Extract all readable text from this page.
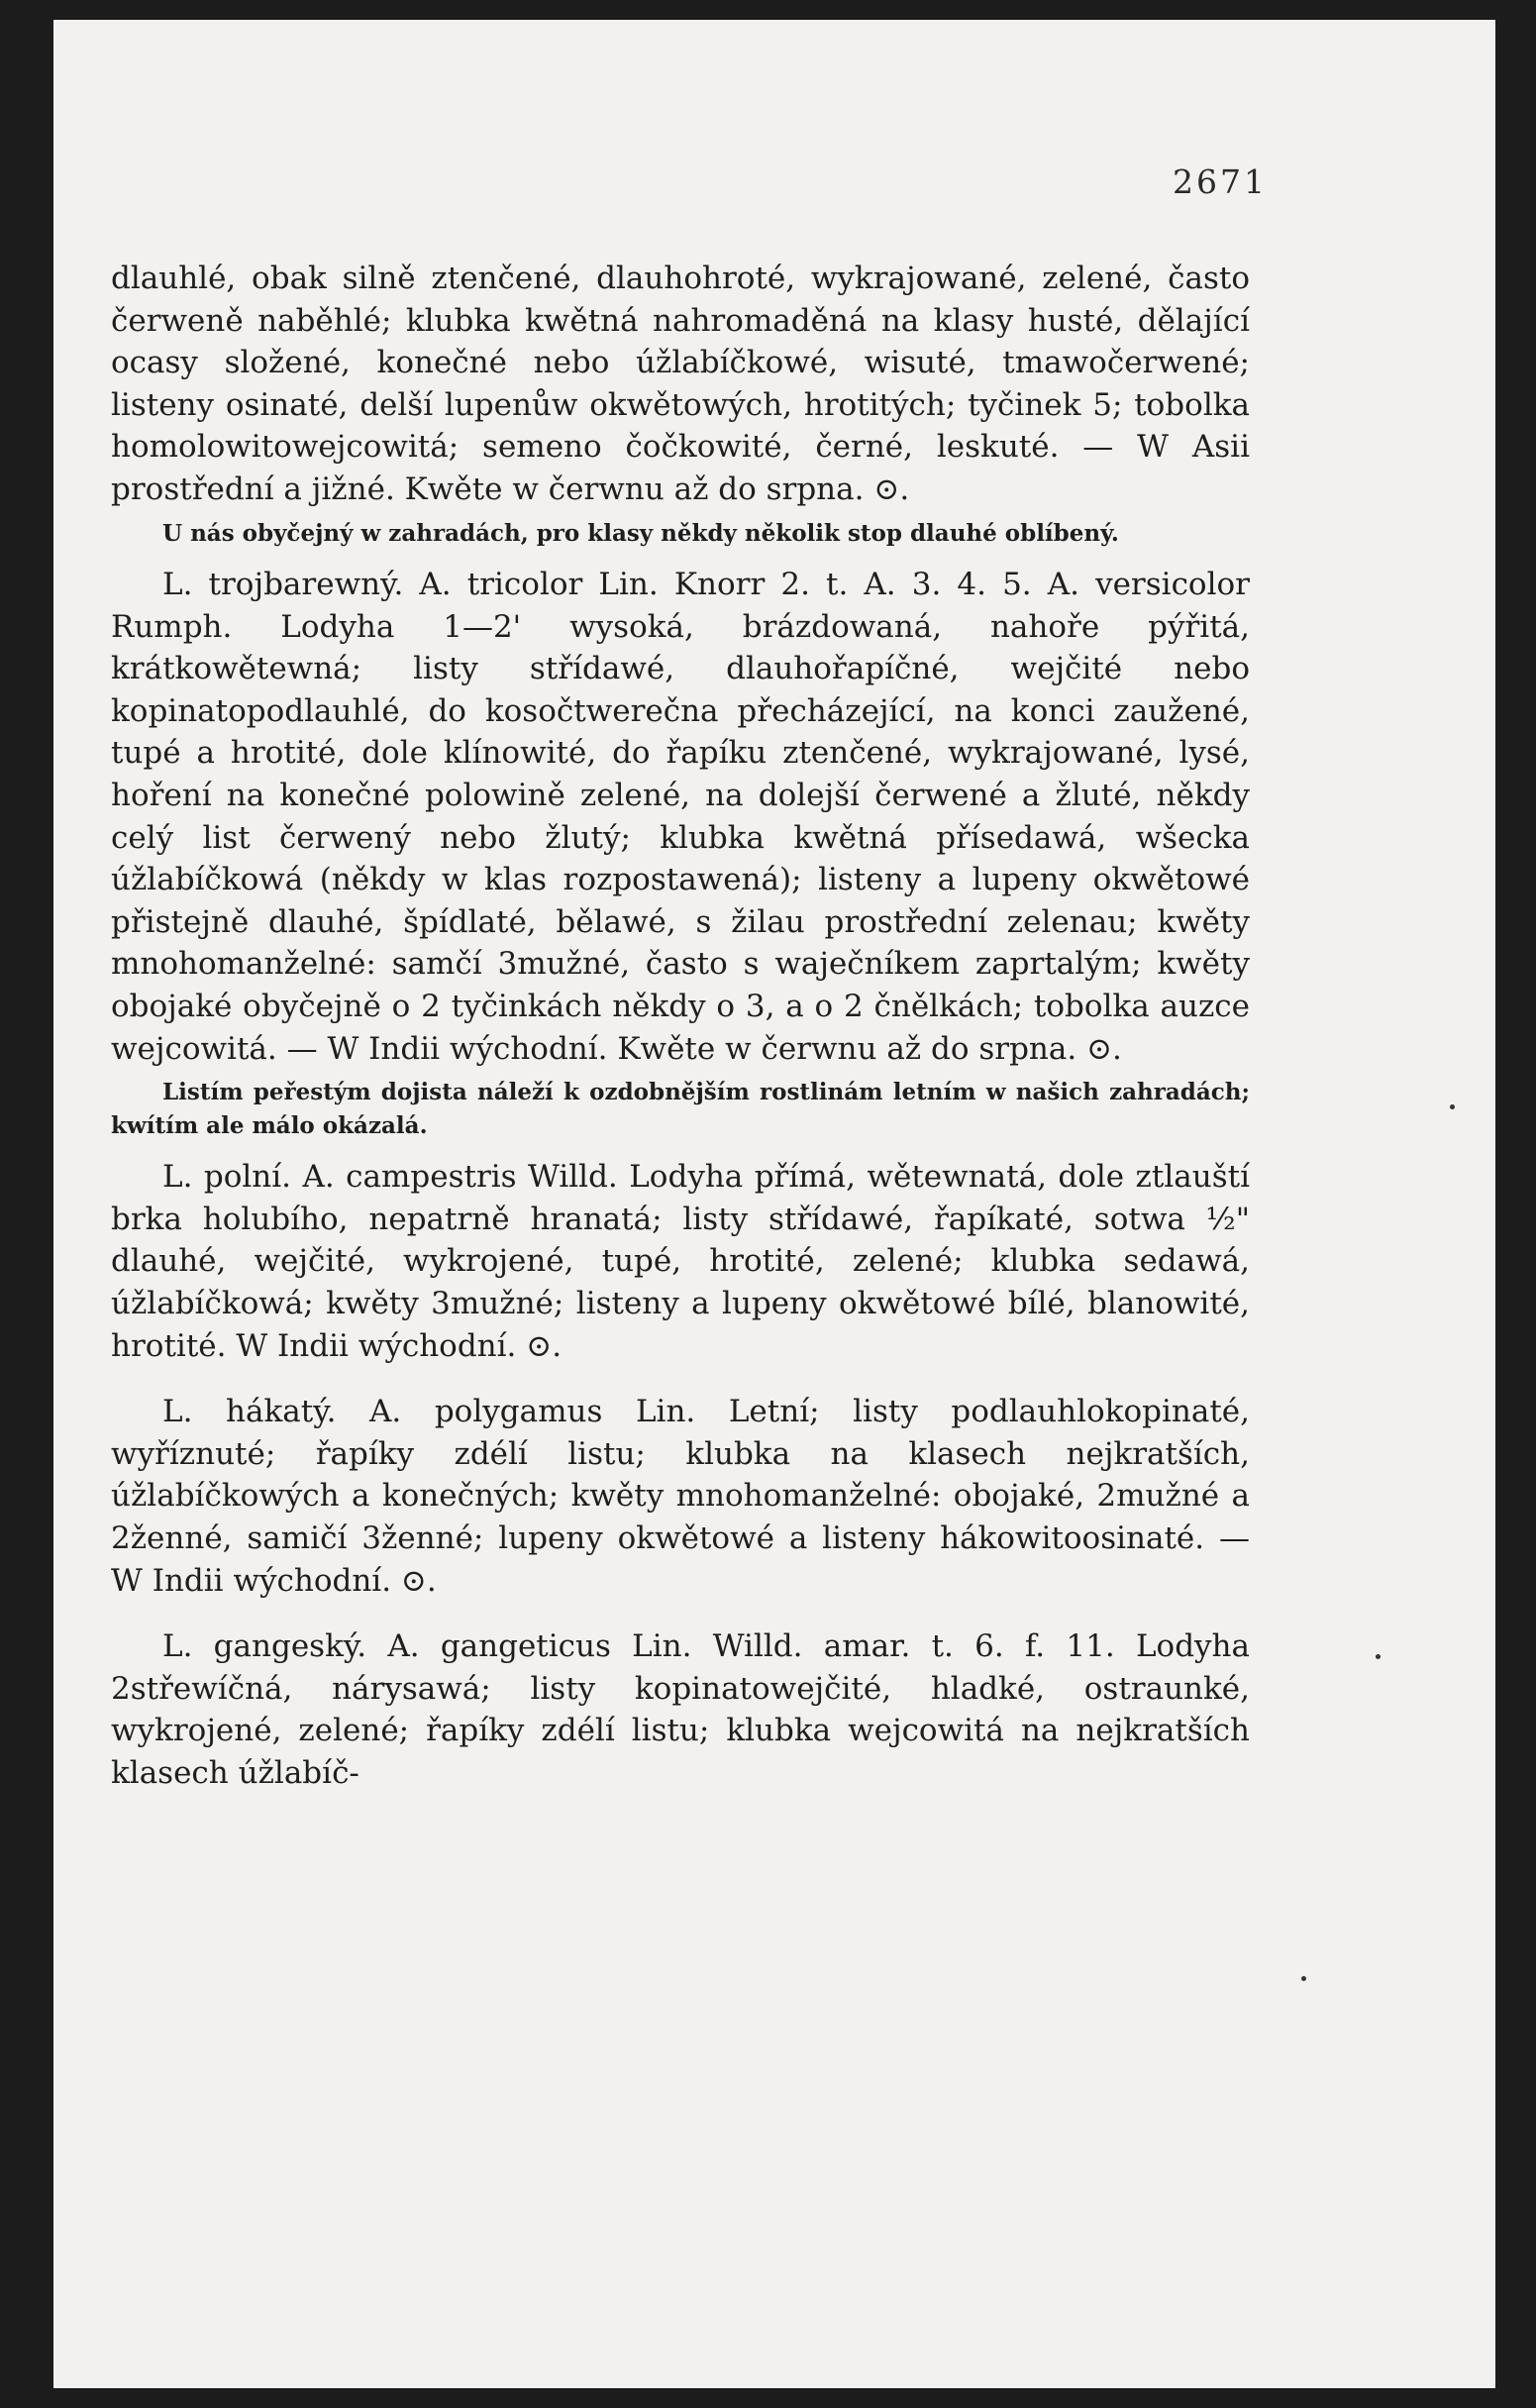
2671

dlauhlé, obak silně ztenčené, dlauhohroté, wykrajowané, zelené, často čerweně naběhlé; klubka kwětná nahromaděná na klasy husté, dělající ocasy složené, konečné nebo úžlabíčkowé, wisuté, tmawočerwené; listeny osinaté, delší lupenůw okwětowých, hrotitých; tyčinek 5; tobolka homolowitowejcowitá; semeno čočkowité, černé, leskuté. — W Asii prostřední a jižné. Kwěte w čerwnu až do srpna. ⊙.

U nás obyčejný w zahradách, pro klasy někdy několik stop dlauhé oblíbený.

L. trojbarewný. A. tricolor Lin. Knorr 2. t. A. 3. 4. 5. A. versicolor Rumph. Lodyha 1—2' wysoká, brázdowaná, nahoře pýřitá, krátkowětewná; listy střídawé, dlauhořapíčné, wejčité nebo kopinatopodlauhlé, do kosočtwerečna přecházející, na konci zaužené, tupé a hrotité, dole klínowité, do řapíku ztenčené, wykrajowané, lysé, hoření na konečné polowině zelené, na dolejší čerwené a žluté, někdy celý list čerwený nebo žlutý; klubka kwětná přísedawá, wšecka úžlabíčkowá (někdy w klas rozpostawená); listeny a lupeny okwětowé přistejně dlauhé, špídlaté, bělawé, s žilau prostřední zelenau; kwěty mnohomanželné: samčí 3mužné, často s waječníkem zaprtalým; kwěty obojaké obyčejně o 2 tyčinkách někdy o 3, a o 2 čnělkách; tobolka auzce wejcowitá. — W Indii wýchodní. Kwěte w čerwnu až do srpna. ⊙.

Listím peřestým dojista náleží k ozdobnějším rostlinám letním w našich zahradách; kwítím ale málo okázalá.

L. polní. A. campestris Willd. Lodyha přímá, wětewnatá, dole ztlauští brka holubího, nepatrně hranatá; listy střídawé, řapíkaté, sotwa ½" dlauhé, wejčité, wykrojené, tupé, hrotité, zelené; klubka sedawá, úžlabíčkowá; kwěty 3mužné; listeny a lupeny okwětowé bílé, blanowité, hrotité. W Indii wýchodní. ⊙.

L. hákatý. A. polygamus Lin. Letní; listy podlauhlokopinaté, wyříznuté; řapíky zdélí listu; klubka na klasech nejkratších, úžlabíčkowých a konečných; kwěty mnohomanželné: obojaké, 2mužné a 2ženné, samičí 3ženné; lupeny okwětowé a listeny hákowitoosinaté. — W Indii wýchodní. ⊙.

L. gangeský. A. gangeticus Lin. Willd. amar. t. 6. f. 11. Lodyha 2střewíčná, nárysawá; listy kopinatowejčité, hladké, ostraunké, wykrojené, zelené; řapíky zdélí listu; klubka wejcowitá na nejkratších klasech úžlabíč-
